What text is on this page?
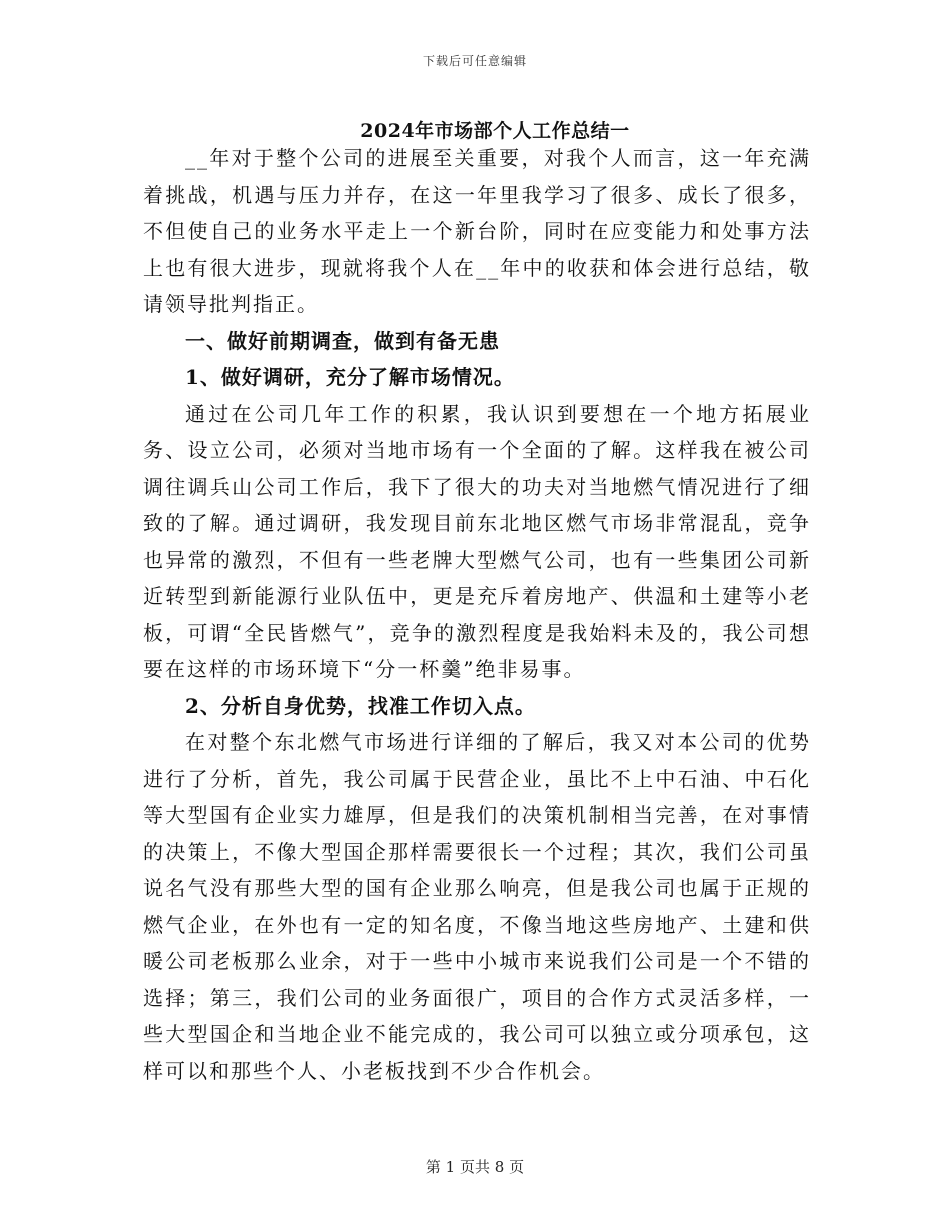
下载后可任意编辑
2024年市场部个人工作总结一

__年对于整个公司的进展至关重要，对我个人而言，这一年充满着挑战，机遇与压力并存，在这一年里我学习了很多、成长了很多，不但使自己的业务水平走上一个新台阶，同时在应变能力和处事方法上也有很大进步，现就将我个人在__年中的收获和体会进行总结，敬请领导批判指正。

一、做好前期调查，做到有备无患

1、做好调研，充分了解市场情况。

通过在公司几年工作的积累，我认识到要想在一个地方拓展业务、设立公司，必须对当地市场有一个全面的了解。这样我在被公司调往调兵山公司工作后，我下了很大的功夫对当地燃气情况进行了细致的了解。通过调研，我发现目前东北地区燃气市场非常混乱，竞争也异常的激烈，不但有一些老牌大型燃气公司，也有一些集团公司新近转型到新能源行业队伍中，更是充斥着房地产、供温和土建等小老板，可谓“全民皆燃气”，竞争的激烈程度是我始料未及的，我公司想要在这样的市场环境下“分一杯羹”绝非易事。

2、分析自身优势，找准工作切入点。

在对整个东北燃气市场进行详细的了解后，我又对本公司的优势进行了分析，首先，我公司属于民营企业，虽比不上中石油、中石化等大型国有企业实力雄厚，但是我们的决策机制相当完善，在对事情的决策上，不像大型国企那样需要很长一个过程；其次，我们公司虽说名气没有那些大型的国有企业那么响亮，但是我公司也属于正规的燃气企业，在外也有一定的知名度，不像当地这些房地产、土建和供暖公司老板那么业余，对于一些中小城市来说我们公司是一个不错的选择；第三，我们公司的业务面很广，项目的合作方式灵活多样，一些大型国企和当地企业不能完成的，我公司可以独立或分项承包，这样可以和那些个人、小老板找到不少合作机会。

第 1 页共 8 页
